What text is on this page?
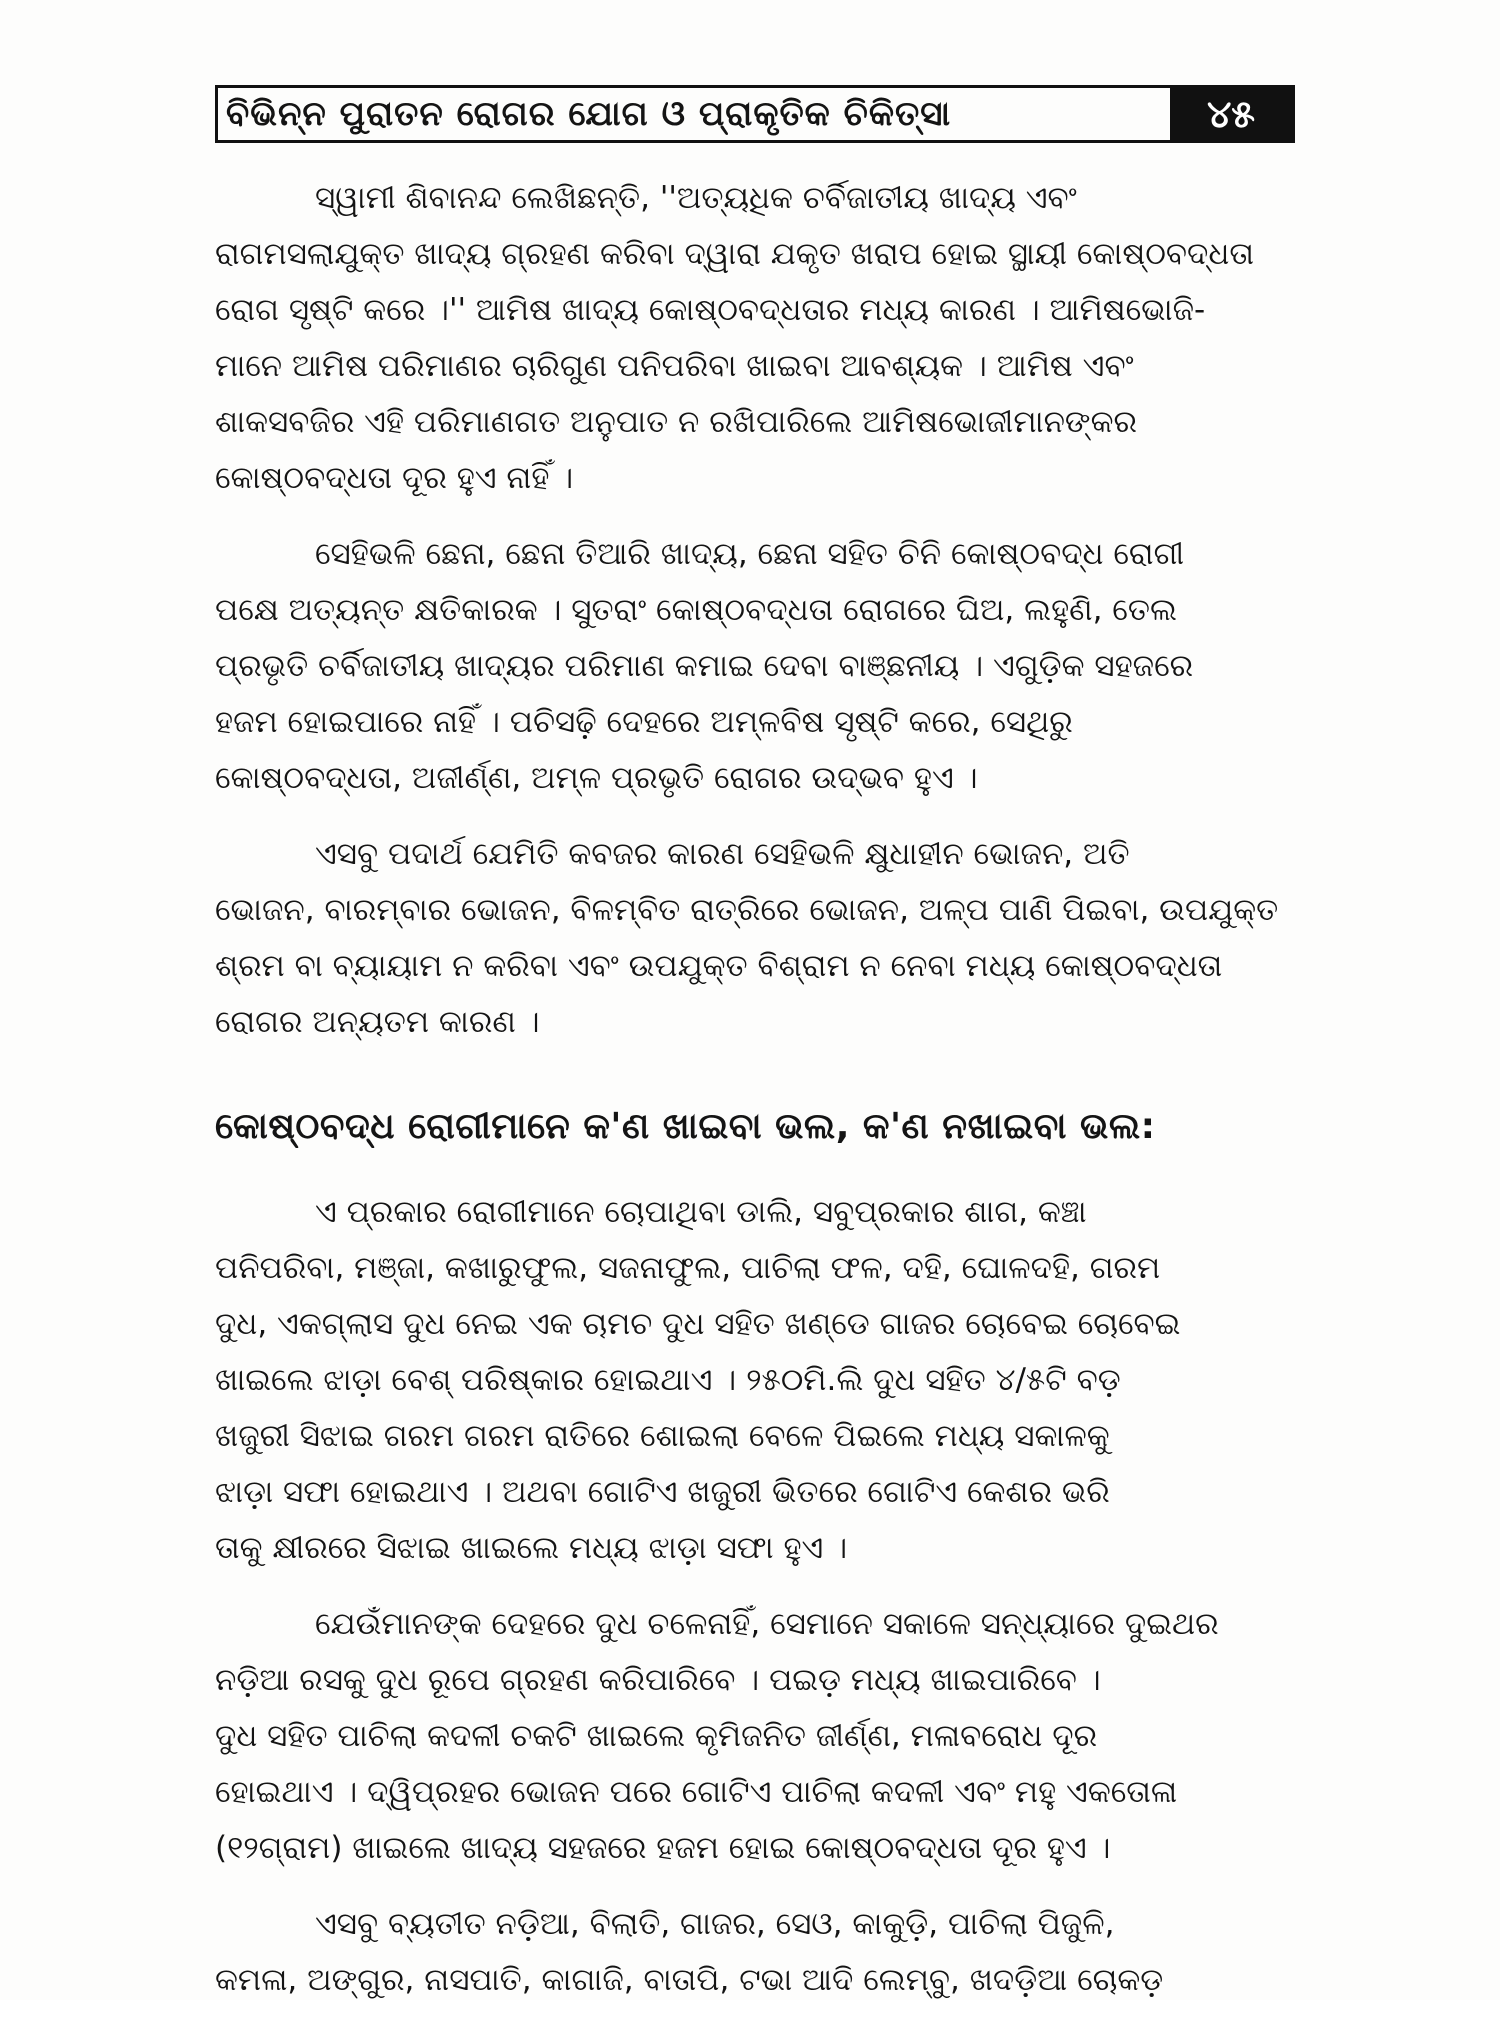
ବିଭିନ୍ନ ପୁରାତନ ରୋଗର ଯୋଗ ଓ ପ୍ରାକୃତିକ ଚିକିତ୍ସା	୪୫

ସ୍ୱାମୀ ଶିବାନନ୍ଦ ଲେଖିଛନ୍ତି, ''ଅତ୍ୟଧିକ ଚର୍ବିଜାତୀୟ ଖାଦ୍ୟ ଏବଂ
ରାଗମସଲାଯୁକ୍ତ ଖାଦ୍ୟ ଗ୍ରହଣ କରିବା ଦ୍ୱାରା ଯକୃତ ଖରାପ ହୋଇ ସ୍ଥାୟୀ କୋଷ୍ଠବଦ୍ଧତା
ରୋଗ ସୃଷ୍ଟି କରେ ।'' ଆମିଷ ଖାଦ୍ୟ କୋଷ୍ଠବଦ୍ଧତାର ମଧ୍ୟ କାରଣ । ଆମିଷଭୋଜି-
ମାନେ ଆମିଷ ପରିମାଣର ଚାରିଗୁଣ ପନିପରିବା ଖାଇବା ଆବଶ୍ୟକ । ଆମିଷ ଏବଂ
ଶାକସବଜିର ଏହି ପରିମାଣଗତ ଅନୁପାତ ନ ରଖିପାରିଲେ ଆମିଷଭୋଜୀମାନଙ୍କର
କୋଷ୍ଠବଦ୍ଧତା ଦୂର ହୁଏ ନାହିଁ ।

ସେହିଭଳି ଛେନା, ଛେନା ତିଆରି ଖାଦ୍ୟ, ଛେନା ସହିତ ଚିନି କୋଷ୍ଠବଦ୍ଧ ରୋଗୀ
ପକ୍ଷେ ଅତ୍ୟନ୍ତ କ୍ଷତିକାରକ । ସୁତରାଂ କୋଷ୍ଠବଦ୍ଧତା ରୋଗରେ ଘିଅ, ଲହୁଣି, ତେଲ
ପ୍ରଭୃତି ଚର୍ବିଜାତୀୟ ଖାଦ୍ୟର ପରିମାଣ କମାଇ ଦେବା ବାଞ୍ଛନୀୟ । ଏଗୁଡ଼ିକ ସହଜରେ
ହଜମ ହୋଇପାରେ ନାହିଁ । ପଚିସଢ଼ି ଦେହରେ ଅମ୍ଳବିଷ ସୃଷ୍ଟି କରେ, ସେଥିରୁ
କୋଷ୍ଠବଦ୍ଧତା, ଅଜୀର୍ଣ୍ଣ, ଅମ୍ଳ ପ୍ରଭୃତି ରୋଗର ଉଦ୍ଭବ ହୁଏ ।

ଏସବୁ ପଦାର୍ଥ ଯେମିତି କବଜର କାରଣ ସେହିଭଳି କ୍ଷୁଧାହୀନ ଭୋଜନ, ଅତି
ଭୋଜନ, ବାରମ୍ବାର ଭୋଜନ, ବିଳମ୍ବିତ ରାତ୍ରିରେ ଭୋଜନ, ଅଳ୍ପ ପାଣି ପିଇବା, ଉପଯୁକ୍ତ
ଶ୍ରମ ବା ବ୍ୟାୟାମ ନ କରିବା ଏବଂ ଉପଯୁକ୍ତ ବିଶ୍ରାମ ନ ନେବା ମଧ୍ୟ କୋଷ୍ଠବଦ୍ଧତା
ରୋଗର ଅନ୍ୟତମ କାରଣ ।

କୋଷ୍ଠବଦ୍ଧ ରୋଗୀମାନେ କ'ଣ ଖାଇବା ଭଲ, କ'ଣ ନଖାଇବା ଭଲ:

ଏ ପ୍ରକାର ରୋଗୀମାନେ ଚୋପାଥିବା ଡାଲି, ସବୁପ୍ରକାର ଶାଗ, କଞ୍ଚା
ପନିପରିବା, ମଞ୍ଜା, କଖାରୁଫୁଲ, ସଜନାଫୁଲ, ପାଚିଲା ଫଳ, ଦହି, ଘୋଳଦହି, ଗରମ
ଦୁଧ, ଏକଗ୍ଲାସ ଦୁଧ ନେଇ ଏକ ଚାମଚ ଦୁଧ ସହିତ ଖଣ୍ଡେ ଗାଜର ଚୋବେଇ ଚୋବେଇ
ଖାଇଲେ ଝାଡ଼ା ବେଶ୍ ପରିଷ୍କାର ହୋଇଥାଏ । ୨୫୦ମି.ଲି ଦୁଧ ସହିତ ୪/୫ଟି ବଡ଼
ଖଜୁରୀ ସିଝାଇ ଗରମ ଗରମ ରାତିରେ ଶୋଇଲା ବେଳେ ପିଇଲେ ମଧ୍ୟ ସକାଳକୁ
ଝାଡ଼ା ସଫା ହୋଇଥାଏ । ଅଥବା ଗୋଟିଏ ଖଜୁରୀ ଭିତରେ ଗୋଟିଏ କେଶର ଭରି
ତାକୁ କ୍ଷୀରରେ ସିଝାଇ ଖାଇଲେ ମଧ୍ୟ ଝାଡ଼ା ସଫା ହୁଏ ।

ଯେଉଁମାନଙ୍କ ଦେହରେ ଦୁଧ ଚଳେନାହିଁ, ସେମାନେ ସକାଳେ ସନ୍ଧ୍ୟାରେ ଦୁଇଥର
ନଡ଼ିଆ ରସକୁ ଦୁଧ ରୂପେ ଗ୍ରହଣ କରିପାରିବେ । ପଇଡ଼ ମଧ୍ୟ ଖାଇପାରିବେ ।
ଦୁଧ ସହିତ ପାଚିଲା କଦଳୀ ଚକଟି ଖାଇଲେ କୃମିଜନିତ ଜୀର୍ଣ୍ଣ, ମଳାବରୋଧ ଦୂର
ହୋଇଥାଏ । ଦ୍ୱିପ୍ରହର ଭୋଜନ ପରେ ଗୋଟିଏ ପାଚିଲା କଦଳୀ ଏବଂ ମହୁ ଏକତୋଳା
(୧୨ଗ୍ରାମ) ଖାଇଲେ ଖାଦ୍ୟ ସହଜରେ ହଜମ ହୋଇ କୋଷ୍ଠବଦ୍ଧତା ଦୂର ହୁଏ ।

ଏସବୁ ବ୍ୟତୀତ ନଡ଼ିଆ, ବିଲାତି, ଗାଜର, ସେଓ, କାକୁଡ଼ି, ପାଚିଲା ପିଜୁଳି,
କମଳା, ଅଙ୍ଗୁର, ନାସପାତି, କାଗାଜି, ବାତାପି, ଟଭା ଆଦି ଲେମ୍ବୁ, ଖଦଡ଼ିଆ ଚୋକଡ଼
